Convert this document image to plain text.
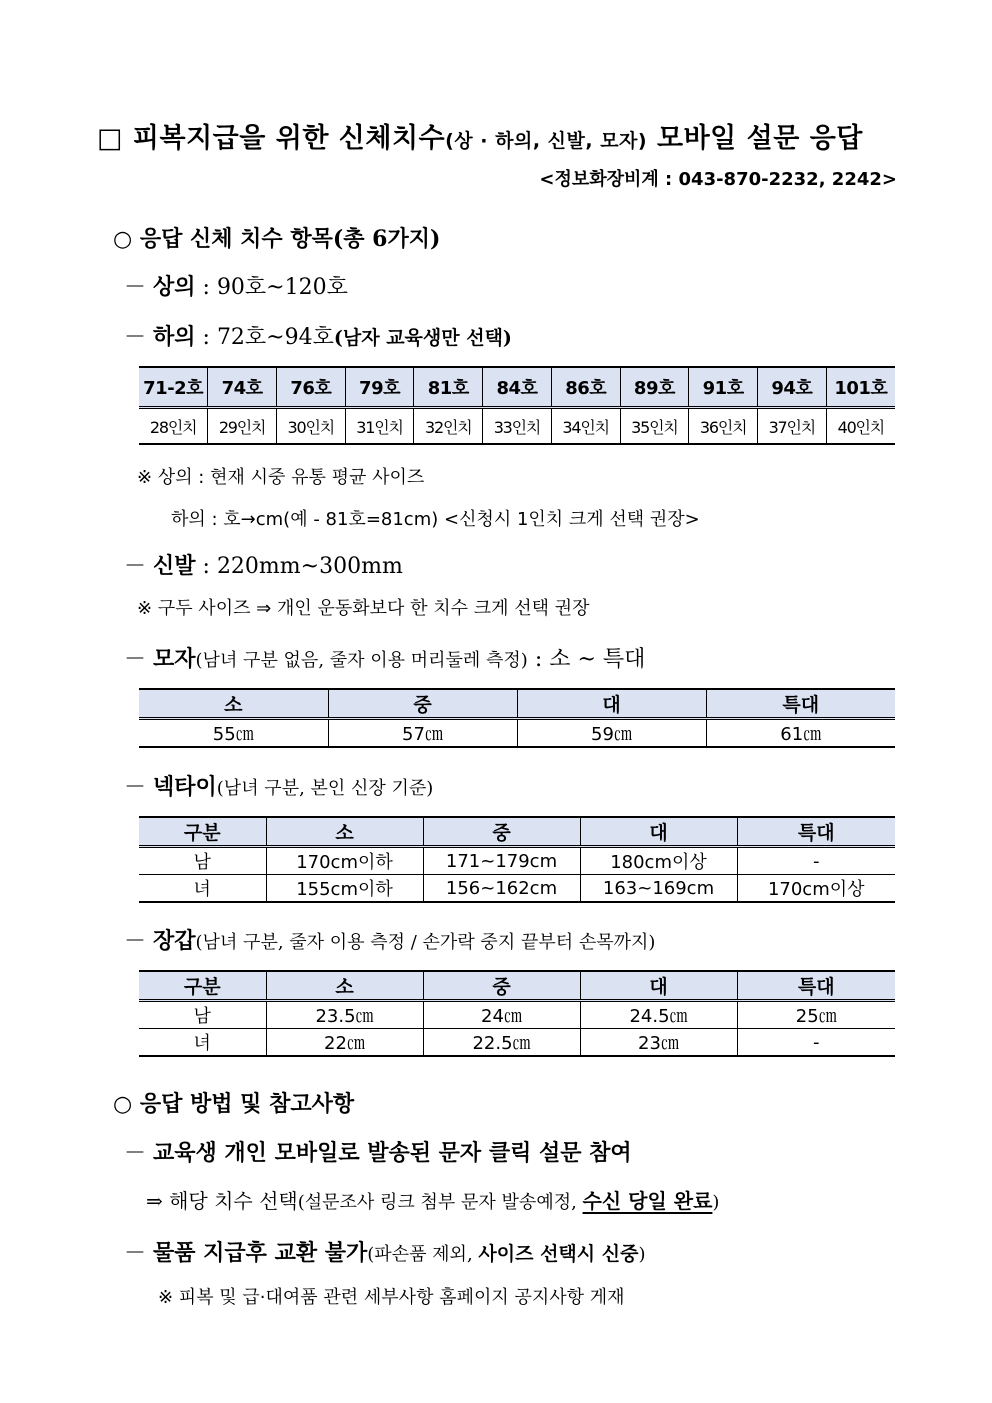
□ 피복지급을 위한 신체치수(상 · 하의, 신발, 모자) 모바일 설문 응답
<정보화장비계 : 043-870-2232, 2242>
○ 응답 신체 치수 항목(총 6가지)
－ 상의 : 90호~120호
－ 하의 : 72호~94호(남자 교육생만 선택)
71-2호	74호	76호	79호	81호	84호	86호	89호	91호	94호	101호
28인치	29인치	30인치	31인치	32인치	33인치	34인치	35인치	36인치	37인치	40인치
※ 상의 : 현재 시중 유통 평균 사이즈
하의 : 호→cm(예 - 81호=81cm) <신청시 1인치 크게 선택 권장>
－ 신발 : 220mm~300mm
※ 구두 사이즈 ⇒ 개인 운동화보다 한 치수 크게 선택 권장
－ 모자(남녀 구분 없음, 줄자 이용 머리둘레 측정) : 소 ~ 특대
소	중	대	특대
55㎝	57㎝	59㎝	61㎝
－ 넥타이(남녀 구분, 본인 신장 기준)
구분	소	중	대	특대
남	170cm이하	171~179cm	180cm이상	-
녀	155cm이하	156~162cm	163~169cm	170cm이상
－ 장갑(남녀 구분, 줄자 이용 측정 / 손가락 중지 끝부터 손목까지)
구분	소	중	대	특대
남	23.5㎝	24㎝	24.5㎝	25㎝
녀	22㎝	22.5㎝	23㎝	-
○ 응답 방법 및 참고사항
－ 교육생 개인 모바일로 발송된 문자 클릭 설문 참여
⇒ 해당 치수 선택(설문조사 링크 첨부 문자 발송예정, 수신 당일 완료)
－ 물품 지급후 교환 불가(파손품 제외, 사이즈 선택시 신중)
※ 피복 및 급·대여품 관련 세부사항 홈페이지 공지사항 게재
